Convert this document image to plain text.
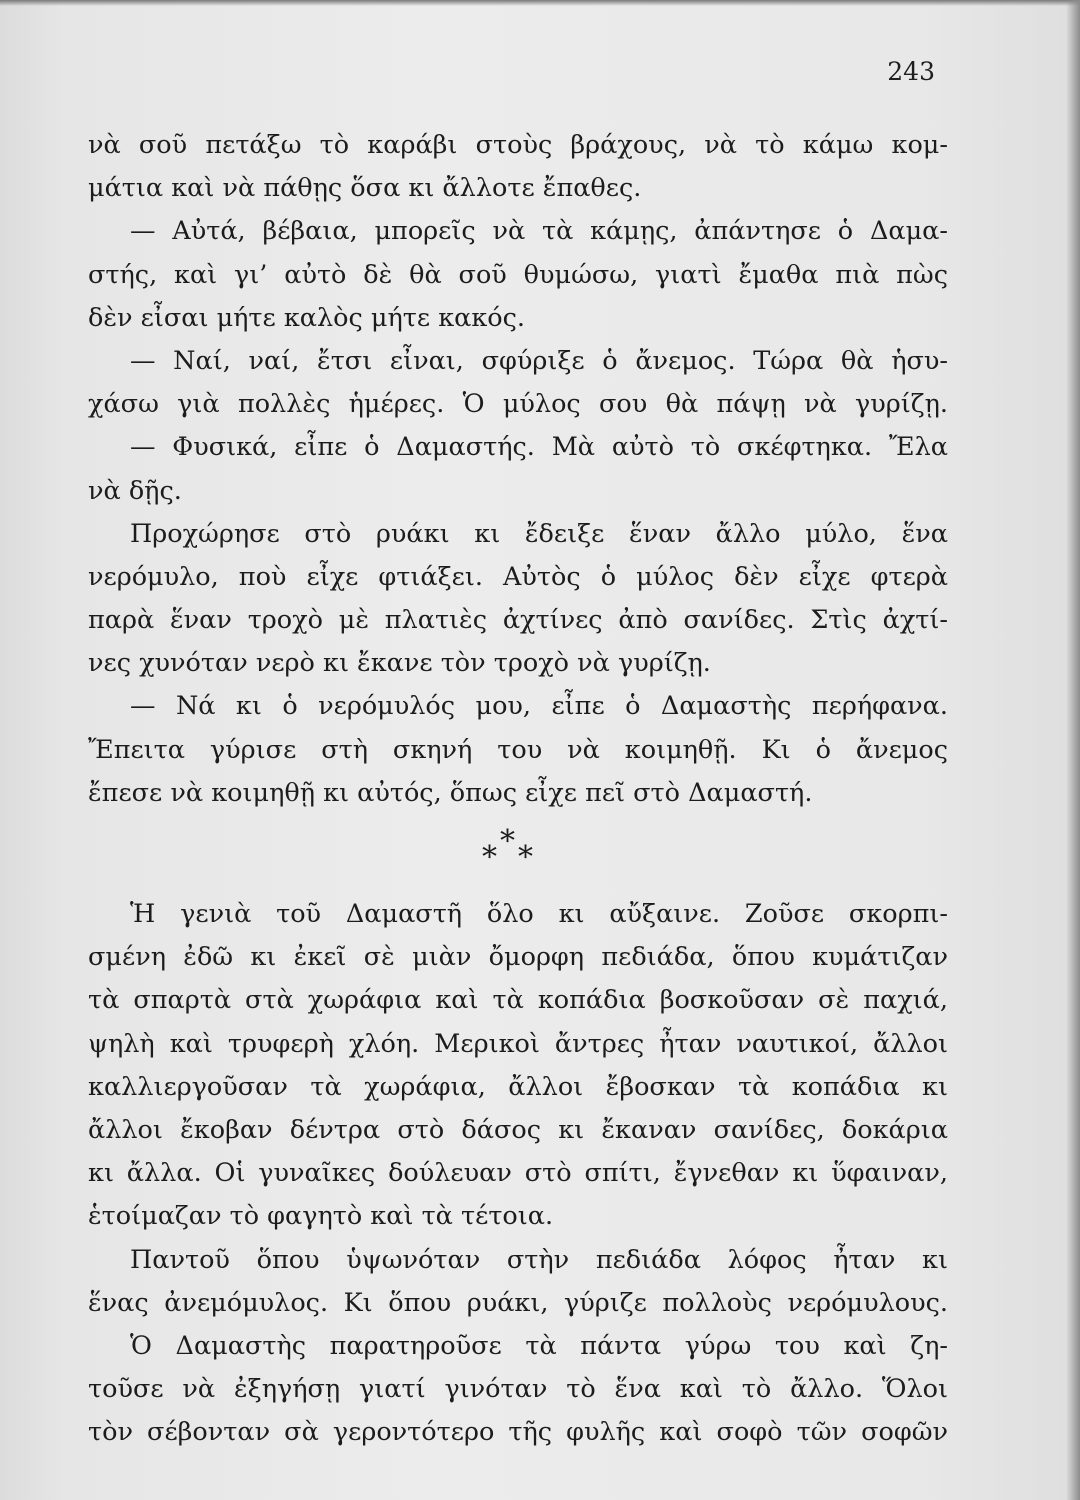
243
νὰ σοῦ πετάξω τὸ καράβι στοὺς βράχους, νὰ τὸ κάμω κομ-
μάτια καὶ νὰ πάθῃς ὅσα κι ἄλλοτε ἔπαθες.
— Αὐτά, βέβαια, μπορεῖς νὰ τὰ κάμῃς, ἀπάντησε ὁ Δαμα-
στής, καὶ γι’ αὐτὸ δὲ θὰ σοῦ θυμώσω, γιατὶ ἔμαθα πιὰ πὼς
δὲν εἶσαι μήτε καλὸς μήτε κακός.
— Ναί, ναί, ἔτσι εἶναι, σφύριξε ὁ ἄνεμος. Τώρα θὰ ἡσυ-
χάσω γιὰ πολλὲς ἡμέρες. Ὁ μύλος σου θὰ πάψῃ νὰ γυρίζῃ.
— Φυσικά, εἶπε ὁ Δαμαστής. Μὰ αὐτὸ τὸ σκέφτηκα. Ἔλα
νὰ δῇς.
Προχώρησε στὸ ρυάκι κι ἔδειξε ἕναν ἄλλο μύλο, ἕνα
νερόμυλο, ποὺ εἶχε φτιάξει. Αὐτὸς ὁ μύλος δὲν εἶχε φτερὰ
παρὰ ἕναν τροχὸ μὲ πλατιὲς ἀχτίνες ἀπὸ σανίδες. Στὶς ἀχτί-
νες χυνόταν νερὸ κι ἔκανε τὸν τροχὸ νὰ γυρίζῃ.
— Νά κι ὁ νερόμυλός μου, εἶπε ὁ Δαμαστὴς περήφανα.
Ἔπειτα γύρισε στὴ σκηνή του νὰ κοιμηθῇ. Κι ὁ ἄνεμος
ἔπεσε νὰ κοιμηθῇ κι αὐτός, ὅπως εἶχε πεῖ στὸ Δαμαστή.
*
* *
Ἡ γενιὰ τοῦ Δαμαστῆ ὅλο κι αὔξαινε. Ζοῦσε σκορπι-
σμένη ἐδῶ κι ἐκεῖ σὲ μιὰν ὄμορφη πεδιάδα, ὅπου κυμάτιζαν
τὰ σπαρτὰ στὰ χωράφια καὶ τὰ κοπάδια βοσκοῦσαν σὲ παχιά,
ψηλὴ καὶ τρυφερὴ χλόη. Μερικοὶ ἄντρες ἦταν ναυτικοί, ἄλλοι
καλλιεργοῦσαν τὰ χωράφια, ἄλλοι ἔβοσκαν τὰ κοπάδια κι
ἄλλοι ἔκοβαν δέντρα στὸ δάσος κι ἔκαναν σανίδες, δοκάρια
κι ἄλλα. Οἱ γυναῖκες δούλευαν στὸ σπίτι, ἔγνεθαν κι ὕφαιναν,
ἑτοίμαζαν τὸ φαγητὸ καὶ τὰ τέτοια.
Παντοῦ ὅπου ὑψωνόταν στὴν πεδιάδα λόφος ἦταν κι
ἕνας ἀνεμόμυλος. Κι ὅπου ρυάκι, γύριζε πολλοὺς νερόμυλους.
Ὁ Δαμαστὴς παρατηροῦσε τὰ πάντα γύρω του καὶ ζη-
τοῦσε νὰ ἐξηγήσῃ γιατί γινόταν τὸ ἕνα καὶ τὸ ἄλλο. Ὅλοι
τὸν σέβονταν σὰ γεροντότερο τῆς φυλῆς καὶ σοφὸ τῶν σοφῶν
